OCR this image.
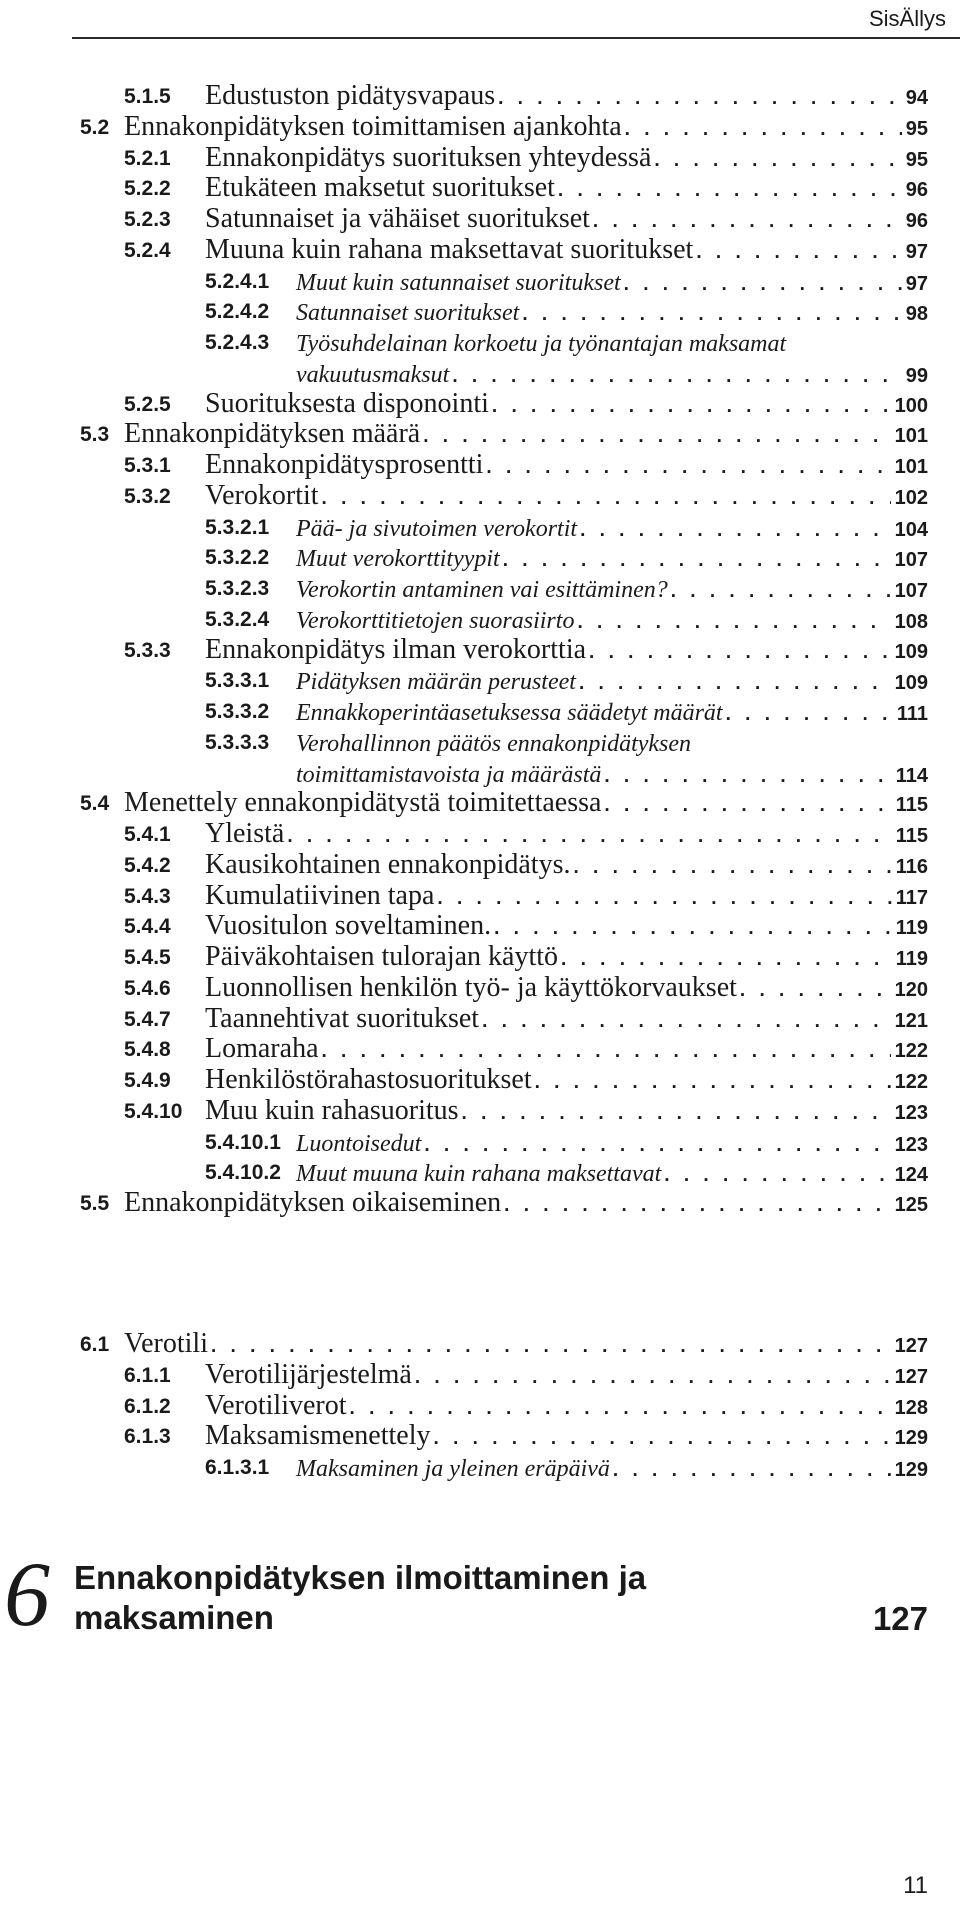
SisÄllys
5.1.5 Edustuston pidätysvapaus . . .	94
5.2 Ennakonpidätyksen toimittamisen ajankohta . . .	95
5.2.1 Ennakonpidätys suorituksen yhteydessä . . .	95
5.2.2 Etukäteen maksetut suoritukset . . .	96
5.2.3 Satunnaiset ja vähäiset suoritukset . . .	96
5.2.4 Muuna kuin rahana maksettavat suoritukset . . .	97
5.2.4.1 Muut kuin satunnaiset suoritukset . . .	97
5.2.4.2 Satunnaiset suoritukset . . .	98
5.2.4.3 Työsuhdelainan korkoetu ja työnantajan maksamat
vakuutusmaksut . . .	99
5.2.5 Suorituksesta disponointi . . .	100
5.3 Ennakonpidätyksen määrä . . .	101
5.3.1 Ennakonpidätysprosentti . . .	101
5.3.2 Verokortit . . .	102
5.3.2.1 Pää- ja sivutoimen verokortit . . .	104
5.3.2.2 Muut verokorttityypit . . .	107
5.3.2.3 Verokortin antaminen vai esittäminen? . . .	107
5.3.2.4 Verokorttitietojen suorasiirto . . .	108
5.3.3 Ennakonpidätys ilman verokorttia . . .	109
5.3.3.1 Pidätyksen määrän perusteet . . .	109
5.3.3.2 Ennakkoperintäasetuksessa säädetyt määrät . . .	111
5.3.3.3 Verohallinnon päätös ennakonpidätyksen
toimittamistavoista ja määrästä . . .	114
5.4 Menettely ennakonpidätystä toimitettaessa . . .	115
5.4.1 Yleistä . . .	115
5.4.2 Kausikohtainen ennakonpidätys. . . .	116
5.4.3 Kumulatiivinen tapa . . .	117
5.4.4 Vuositulon soveltaminen. . . .	119
5.4.5 Päiväkohtaisen tulorajan käyttö . . .	119
5.4.6 Luonnollisen henkilön työ- ja käyttökorvaukset . . .	120
5.4.7 Taannehtivat suoritukset . . .	121
5.4.8 Lomaraha . . .	122
5.4.9 Henkilöstörahastosuoritukset . . .	122
5.4.10 Muu kuin rahasuoritus . . .	123
5.4.10.1 Luontoisedut . . .	123
5.4.10.2 Muut muuna kuin rahana maksettavat . . .	124
5.5 Ennakonpidätyksen oikaiseminen . . .	125
6.1 Verotili . . .	127
6.1.1 Verotilijärjestelmä . . .	127
6.1.2 Verotiliverot . . .	128
6.1.3 Maksamismenettely . . .	129
6.1.3.1 Maksaminen ja yleinen eräpäivä . . .	129
6 Ennakonpidätyksen ilmoittaminen ja
maksaminen	127
11
